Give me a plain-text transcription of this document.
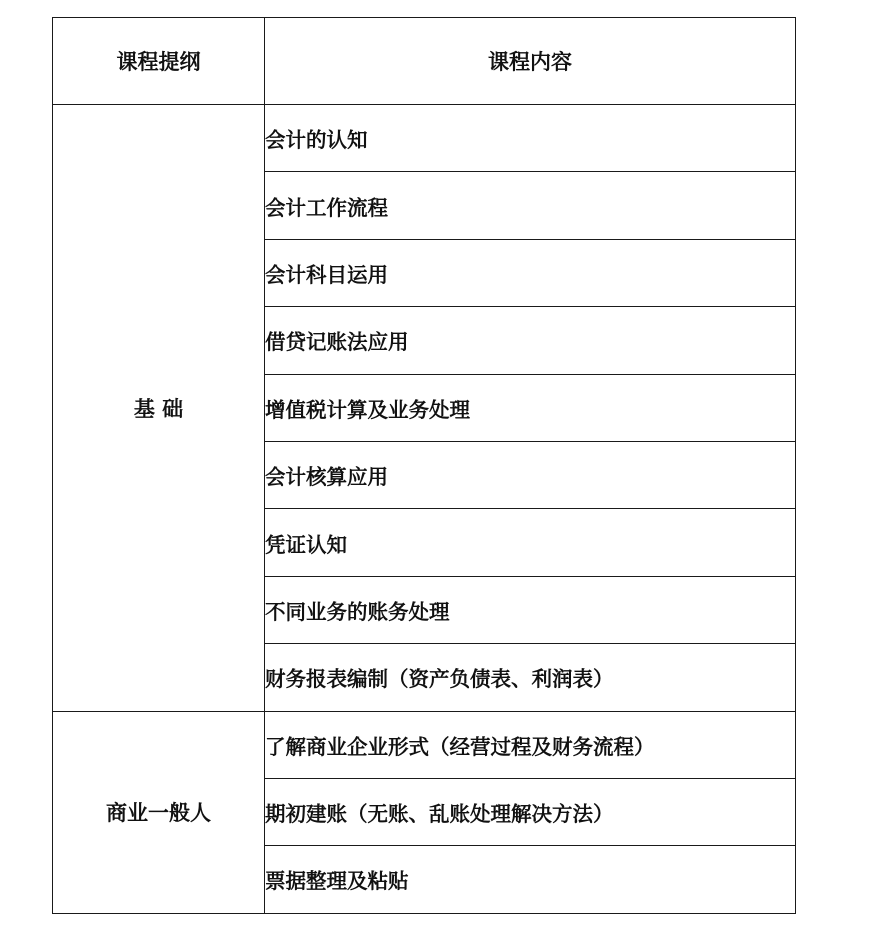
课程提纲	课程内容
基 础	会计的认知
	会计工作流程
	会计科目运用
	借贷记账法应用
	增值税计算及业务处理
	会计核算应用
	凭证认知
	不同业务的账务处理
	财务报表编制（资产负债表、利润表）
商业一般人	了解商业企业形式（经营过程及财务流程）
	期初建账（无账、乱账处理解决方法）
	票据整理及粘贴
